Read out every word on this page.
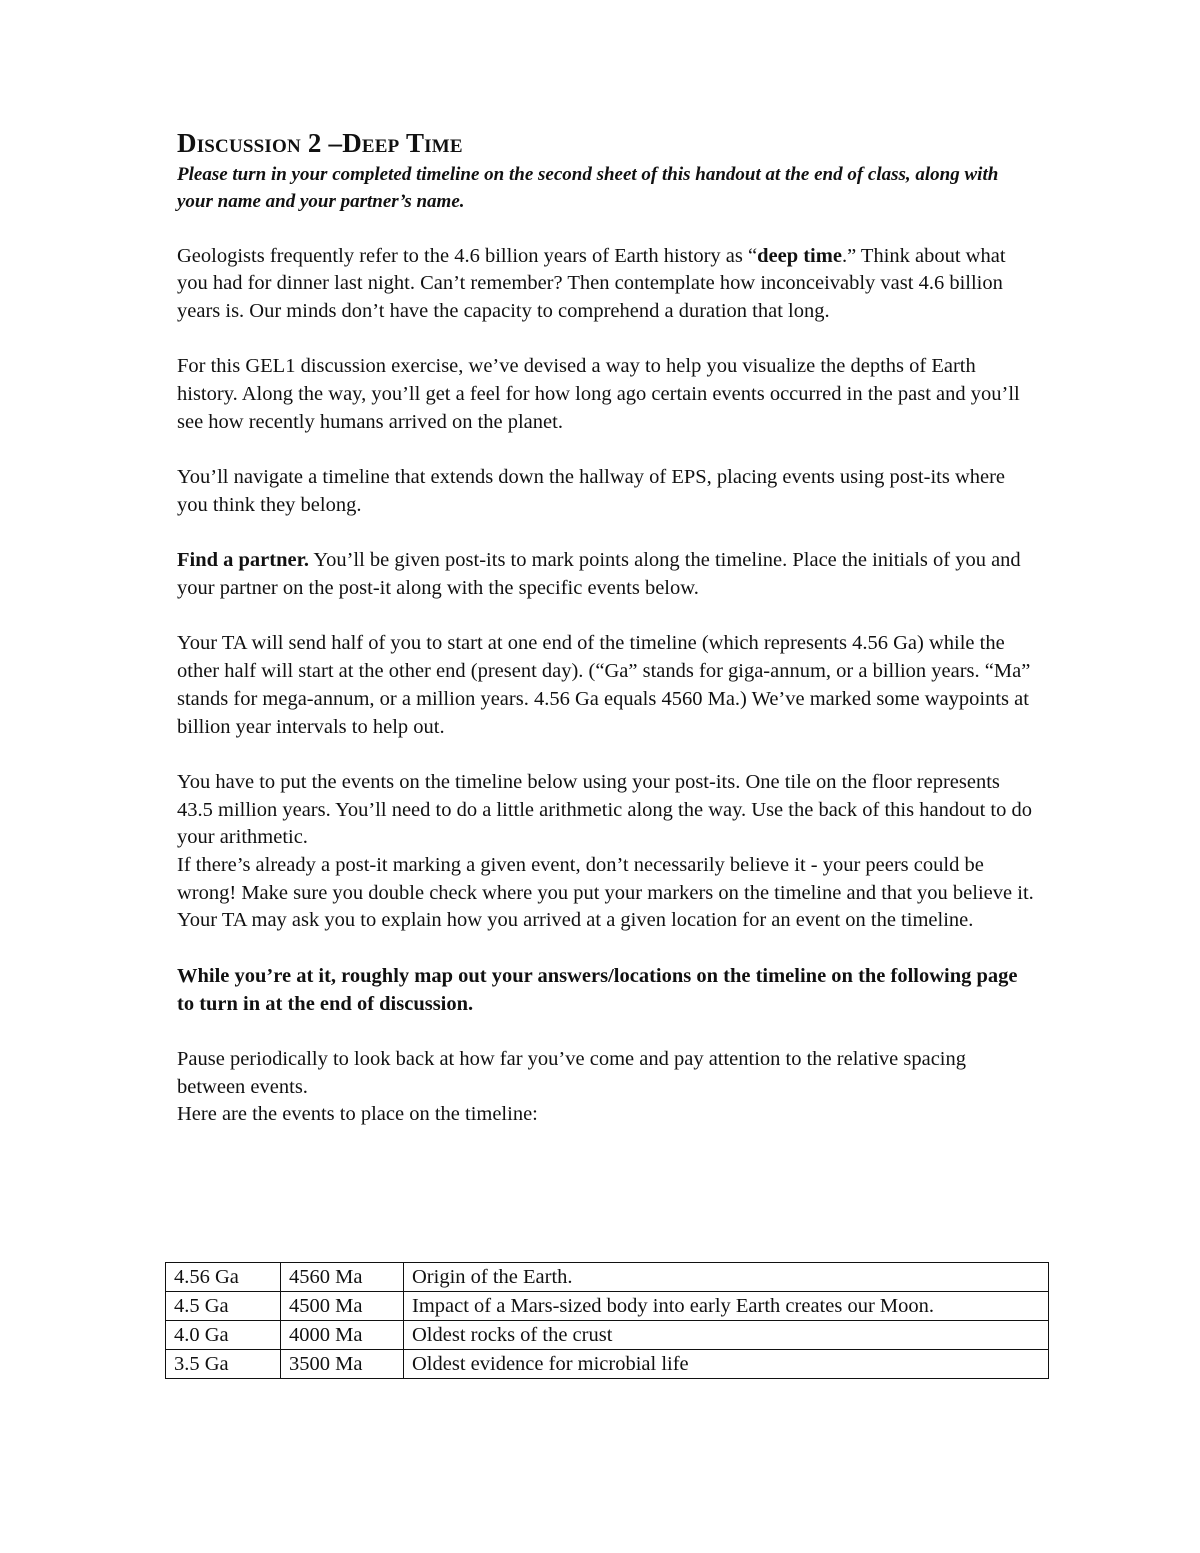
Discussion 2 –Deep Time

Please turn in your completed timeline on the second sheet of this handout at the end of class, along with your name and your partner’s name.

Geologists frequently refer to the 4.6 billion years of Earth history as “deep time.” Think about what you had for dinner last night. Can’t remember? Then contemplate how inconceivably vast 4.6 billion years is. Our minds don’t have the capacity to comprehend a duration that long.

For this GEL1 discussion exercise, we’ve devised a way to help you visualize the depths of Earth history. Along the way, you’ll get a feel for how long ago certain events occurred in the past and you’ll see how recently humans arrived on the planet.

You’ll navigate a timeline that extends down the hallway of EPS, placing events using post-its where you think they belong.

Find a partner. You’ll be given post-its to mark points along the timeline. Place the initials of you and your partner on the post-it along with the specific events below.

Your TA will send half of you to start at one end of the timeline (which represents 4.56 Ga) while the other half will start at the other end (present day). (“Ga” stands for giga-annum, or a billion years. “Ma” stands for mega-annum, or a million years. 4.56 Ga equals 4560 Ma.) We’ve marked some waypoints at billion year intervals to help out.

You have to put the events on the timeline below using your post-its. One tile on the floor represents 43.5 million years. You’ll need to do a little arithmetic along the way. Use the back of this handout to do your arithmetic.

If there’s already a post-it marking a given event, don’t necessarily believe it - your peers could be wrong! Make sure you double check where you put your markers on the timeline and that you believe it. Your TA may ask you to explain how you arrived at a given location for an event on the timeline.

While you’re at it, roughly map out your answers/locations on the timeline on the following page to turn in at the end of discussion.

Pause periodically to look back at how far you’ve come and pay attention to the relative spacing between events.

Here are the events to place on the timeline:

4.56 Ga	4560 Ma	Origin of the Earth.
4.5 Ga	4500 Ma	Impact of a Mars-sized body into early Earth creates our Moon.
4.0 Ga	4000 Ma	Oldest rocks of the crust
3.5 Ga	3500 Ma	Oldest evidence for microbial life
